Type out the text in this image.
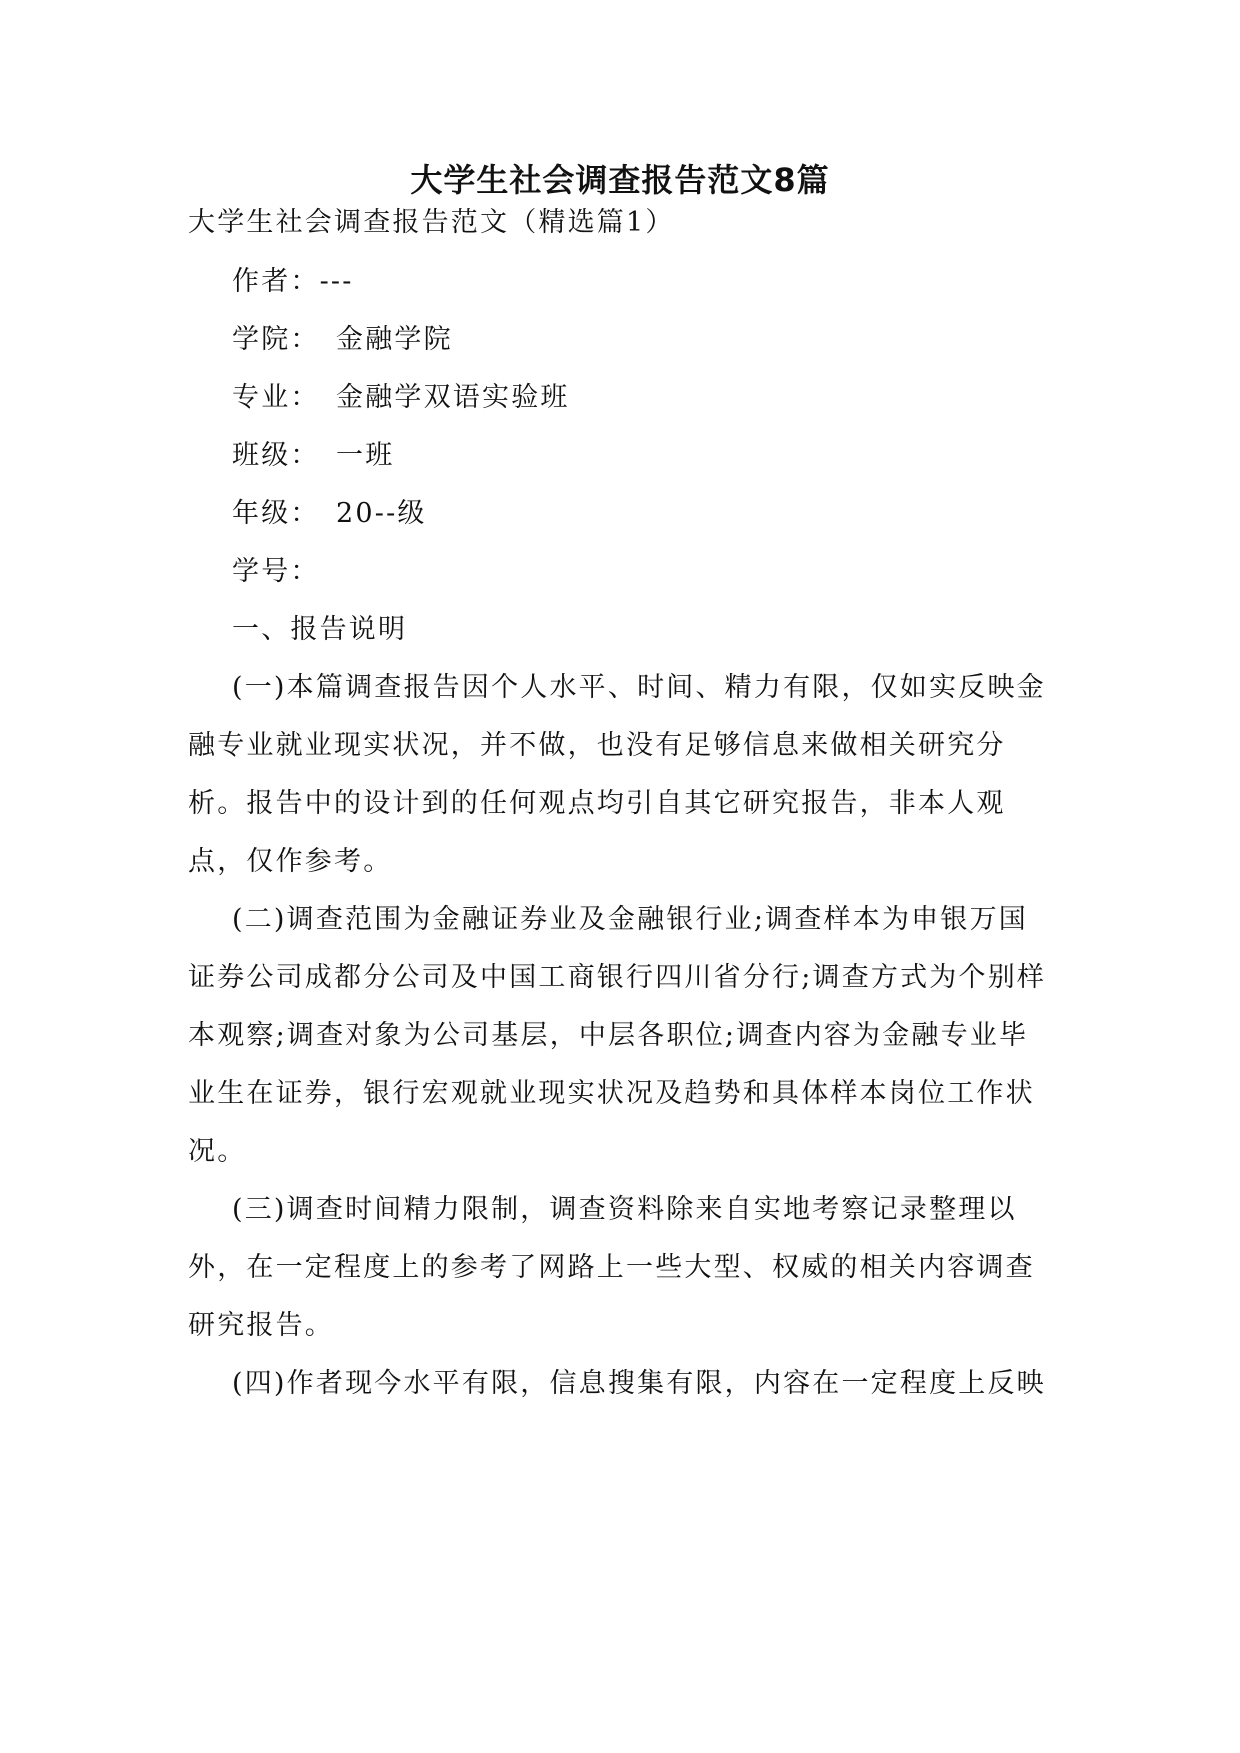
大学生社会调查报告范文8篇
大学生社会调查报告范文（精选篇1）
作者：---
学院： 金融学院
专业： 金融学双语实验班
班级： 一班
年级： 20--级
学号：
一、报告说明
(一)本篇调查报告因个人水平、时间、精力有限，仅如实反映金
融专业就业现实状况，并不做，也没有足够信息来做相关研究分
析。报告中的设计到的任何观点均引自其它研究报告，非本人观
点，仅作参考。
(二)调查范围为金融证券业及金融银行业;调查样本为申银万国
证券公司成都分公司及中国工商银行四川省分行;调查方式为个别样
本观察;调查对象为公司基层，中层各职位;调查内容为金融专业毕
业生在证券，银行宏观就业现实状况及趋势和具体样本岗位工作状
况。
(三)调查时间精力限制，调查资料除来自实地考察记录整理以
外，在一定程度上的参考了网路上一些大型、权威的相关内容调查
研究报告。
(四)作者现今水平有限，信息搜集有限，内容在一定程度上反映
